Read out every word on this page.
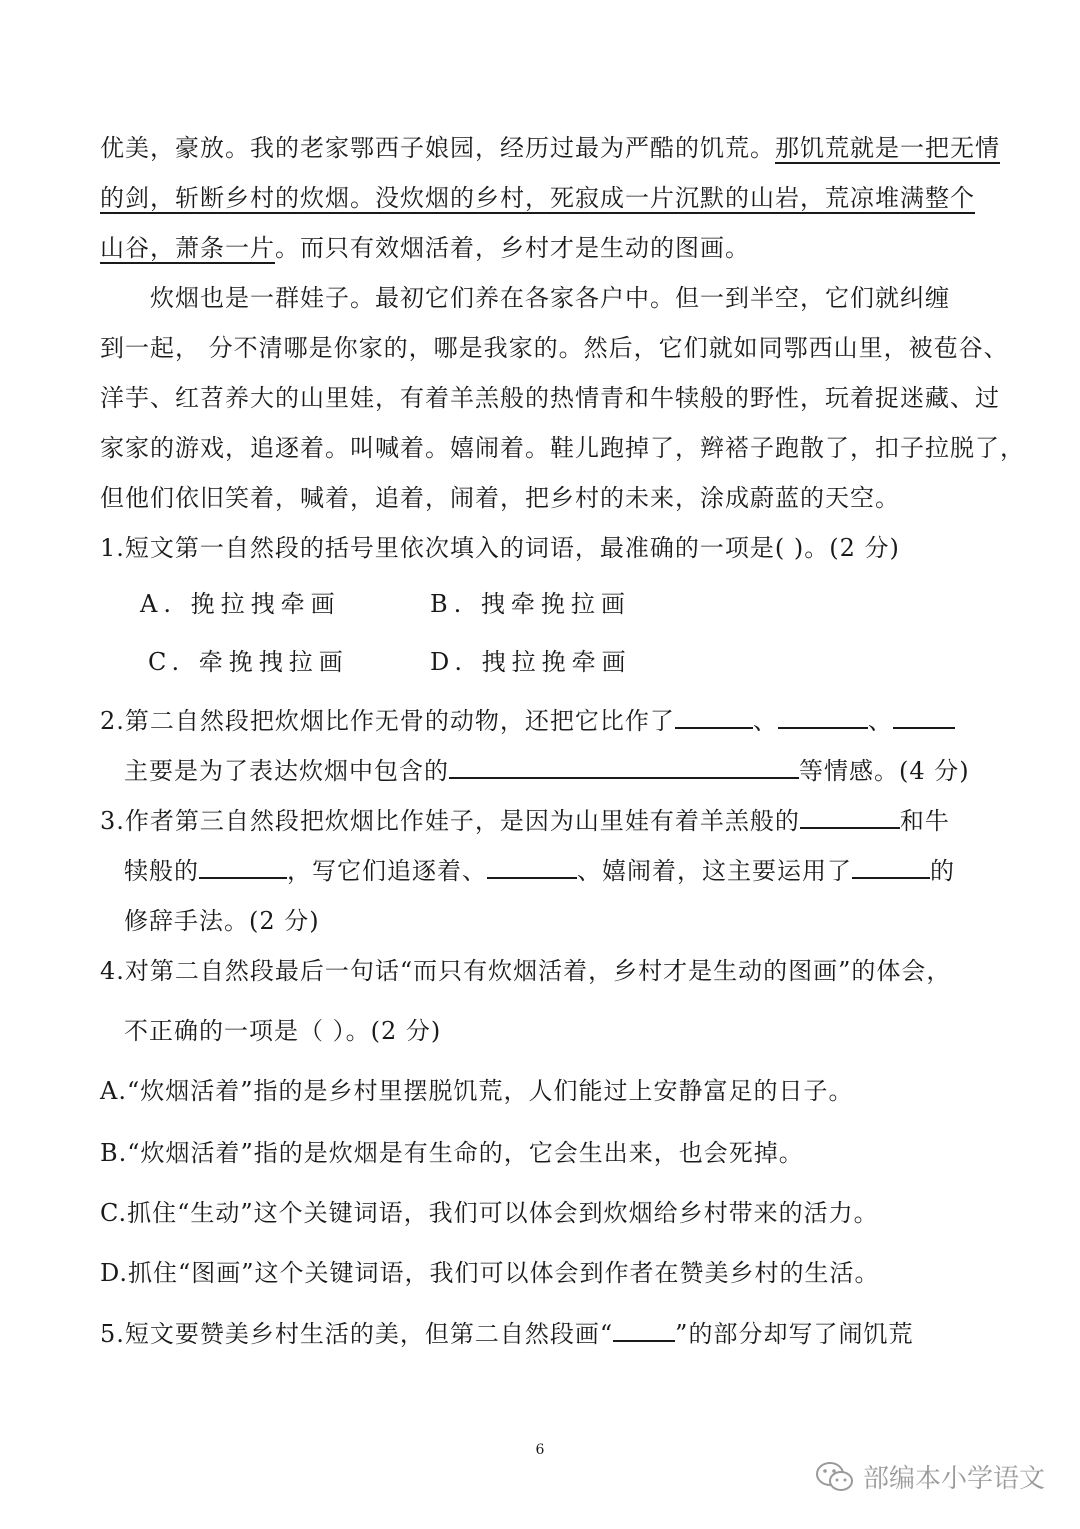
优美，豪放。我的老家鄂西子娘园，经历过最为严酷的饥荒。那饥荒就是一把无情
的剑，斩断乡村的炊烟。没炊烟的乡村，死寂成一片沉默的山岩，荒凉堆满整个
山谷，萧条一片。而只有效烟活着，乡村才是生动的图画。
炊烟也是一群娃子。最初它们养在各家各户中。但一到半空，它们就纠缠
到一起， 分不清哪是你家的，哪是我家的。然后，它们就如同鄂西山里，被苞谷、
洋芋、红苕养大的山里娃，有着羊羔般的热情青和牛犊般的野性，玩着捉迷藏、过
家家的游戏，追逐着。叫喊着。嬉闹着。鞋儿跑掉了，辫褡子跑散了，扣子拉脱了，
但他们依旧笑着，喊着，追着，闹着，把乡村的未来，涂成蔚蓝的天空。
1.短文第一自然段的括号里依次填入的词语，最准确的一项是( )。(2 分)
A. 挽拉拽牵画	B. 拽牵挽拉画
C. 牵挽拽拉画	D. 拽拉挽牵画
2.第二自然段把炊烟比作无骨的动物，还把它比作了	、	、
主要是为了表达炊烟中包含的	等情感。(4 分)
3.作者第三自然段把炊烟比作娃子，是因为山里娃有着羊羔般的	和牛
犊般的	，写它们追逐着、	、嬉闹着，这主要运用了	的
修辞手法。(2 分)
4.对第二自然段最后一句话“而只有炊烟活着，乡村才是生动的图画”的体会，
不正确的一项是（ ）。(2 分)
A.“炊烟活着”指的是乡村里摆脱饥荒，人们能过上安静富足的日子。
B.“炊烟活着”指的是炊烟是有生命的，它会生出来，也会死掉。
C.抓住“生动”这个关键词语，我们可以体会到炊烟给乡村带来的活力。
D.抓住“图画”这个关键词语，我们可以体会到作者在赞美乡村的生活。
5.短文要赞美乡村生活的美，但第二自然段画“	”的部分却写了闹饥荒
6
部编本小学语文
